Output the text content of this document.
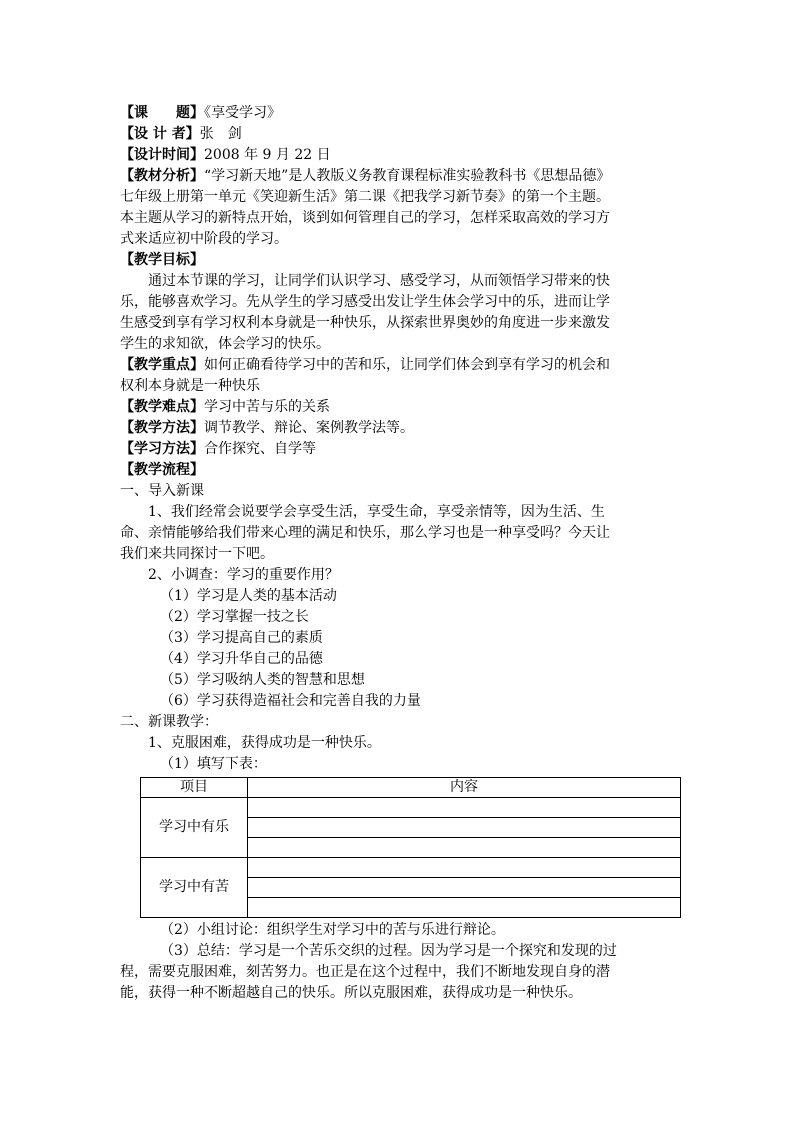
【课　　题】《享受学习》
【设 计 者】张　剑
【设计时间】2008 年 9 月 22 日
【教材分析】“学习新天地”是人教版义务教育课程标准实验教科书《思想品德》
七年级上册第一单元《笑迎新生活》第二课《把我学习新节奏》的第一个主题。
本主题从学习的新特点开始，谈到如何管理自己的学习，怎样采取高效的学习方
式来适应初中阶段的学习。
【教学目标】
通过本节课的学习，让同学们认识学习、感受学习，从而领悟学习带来的快
乐，能够喜欢学习。先从学生的学习感受出发让学生体会学习中的乐，进而让学
生感受到享有学习权利本身就是一种快乐，从探索世界奥妙的角度进一步来激发
学生的求知欲，体会学习的快乐。
【教学重点】如何正确看待学习中的苦和乐，让同学们体会到享有学习的机会和
权利本身就是一种快乐
【教学难点】学习中苦与乐的关系
【教学方法】调节教学、辩论、案例教学法等。
【学习方法】合作探究、自学等
【教学流程】
一、导入新课
1、我们经常会说要学会享受生活，享受生命，享受亲情等，因为生活、生
命、亲情能够给我们带来心理的满足和快乐，那么学习也是一种享受吗？今天让
我们来共同探讨一下吧。
2、小调查：学习的重要作用？
（1）学习是人类的基本活动
（2）学习掌握一技之长
（3）学习提高自己的素质
（4）学习升华自己的品德
（5）学习吸纳人类的智慧和思想
（6）学习获得造福社会和完善自我的力量
二、新课教学：
1、克服困难，获得成功是一种快乐。
（1）填写下表：
项目	内容
学习中有乐	

学习中有苦	

（2）小组讨论：组织学生对学习中的苦与乐进行辩论。
（3）总结：学习是一个苦乐交织的过程。因为学习是一个探究和发现的过
程，需要克服困难，刻苦努力。也正是在这个过程中，我们不断地发现自身的潜
能，获得一种不断超越自己的快乐。所以克服困难，获得成功是一种快乐。
